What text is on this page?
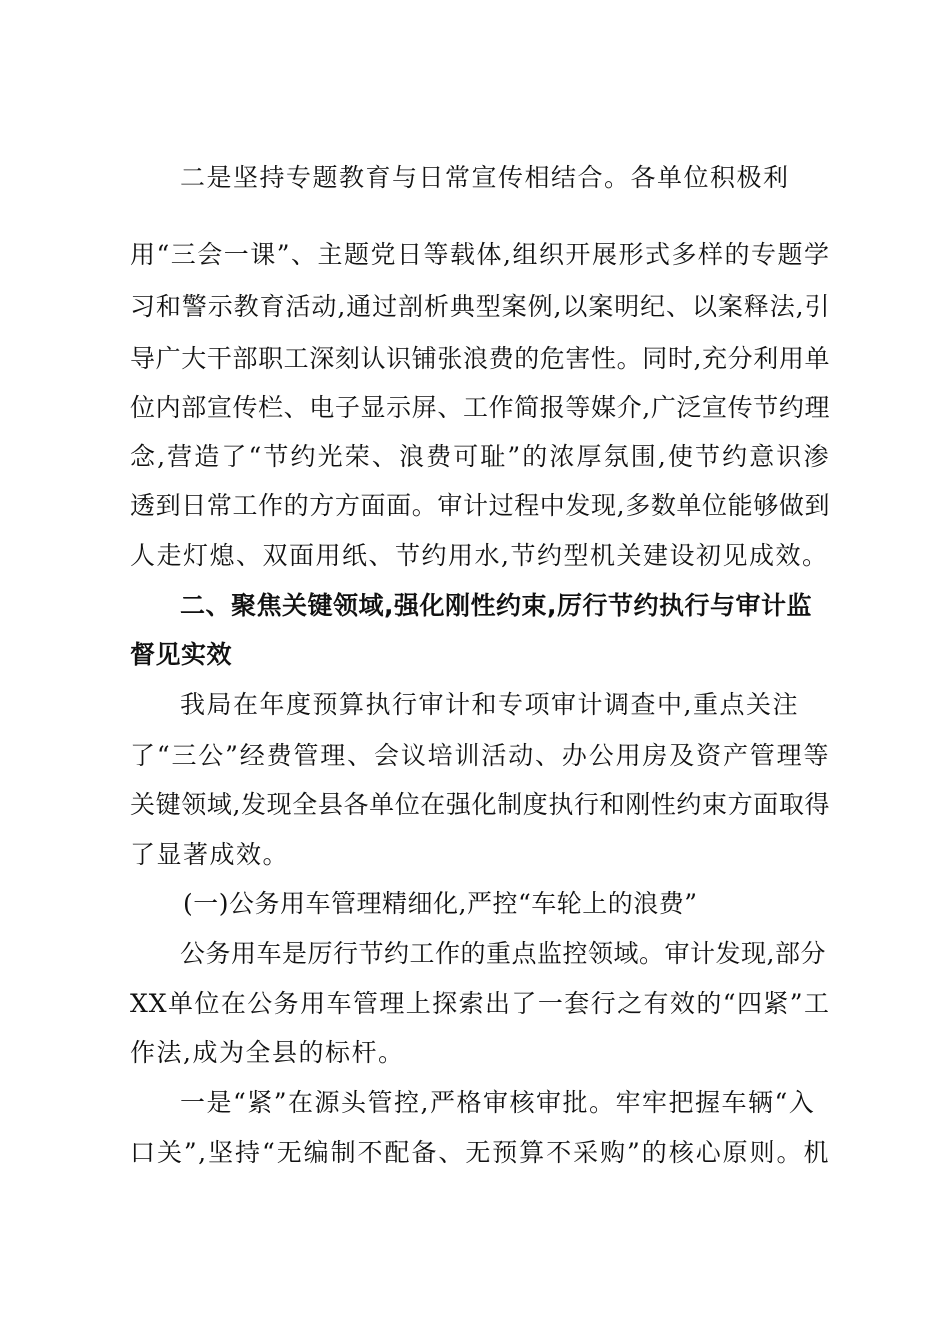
二是坚持专题教育与日常宣传相结合。各单位积极利
用“三会一课”、主题党日等载体,组织开展形式多样的专题学
习和警示教育活动,通过剖析典型案例,以案明纪、以案释法,引
导广大干部职工深刻认识铺张浪费的危害性。同时,充分利用单
位内部宣传栏、电子显示屏、工作简报等媒介,广泛宣传节约理
念,营造了“节约光荣、浪费可耻”的浓厚氛围,使节约意识渗
透到日常工作的方方面面。审计过程中发现,多数单位能够做到
人走灯熄、双面用纸、节约用水,节约型机关建设初见成效。
二、聚焦关键领域,强化刚性约束,厉行节约执行与审计监
督见实效
我局在年度预算执行审计和专项审计调查中,重点关注
了“三公”经费管理、会议培训活动、办公用房及资产管理等
关键领域,发现全县各单位在强化制度执行和刚性约束方面取得
了显著成效。
(一)公务用车管理精细化,严控“车轮上的浪费”
公务用车是厉行节约工作的重点监控领域。审计发现,部分
XX单位在公务用车管理上探索出了一套行之有效的“四紧”工
作法,成为全县的标杆。
一是“紧”在源头管控,严格审核审批。牢牢把握车辆“入
口关”,坚持“无编制不配备、无预算不采购”的核心原则。机
